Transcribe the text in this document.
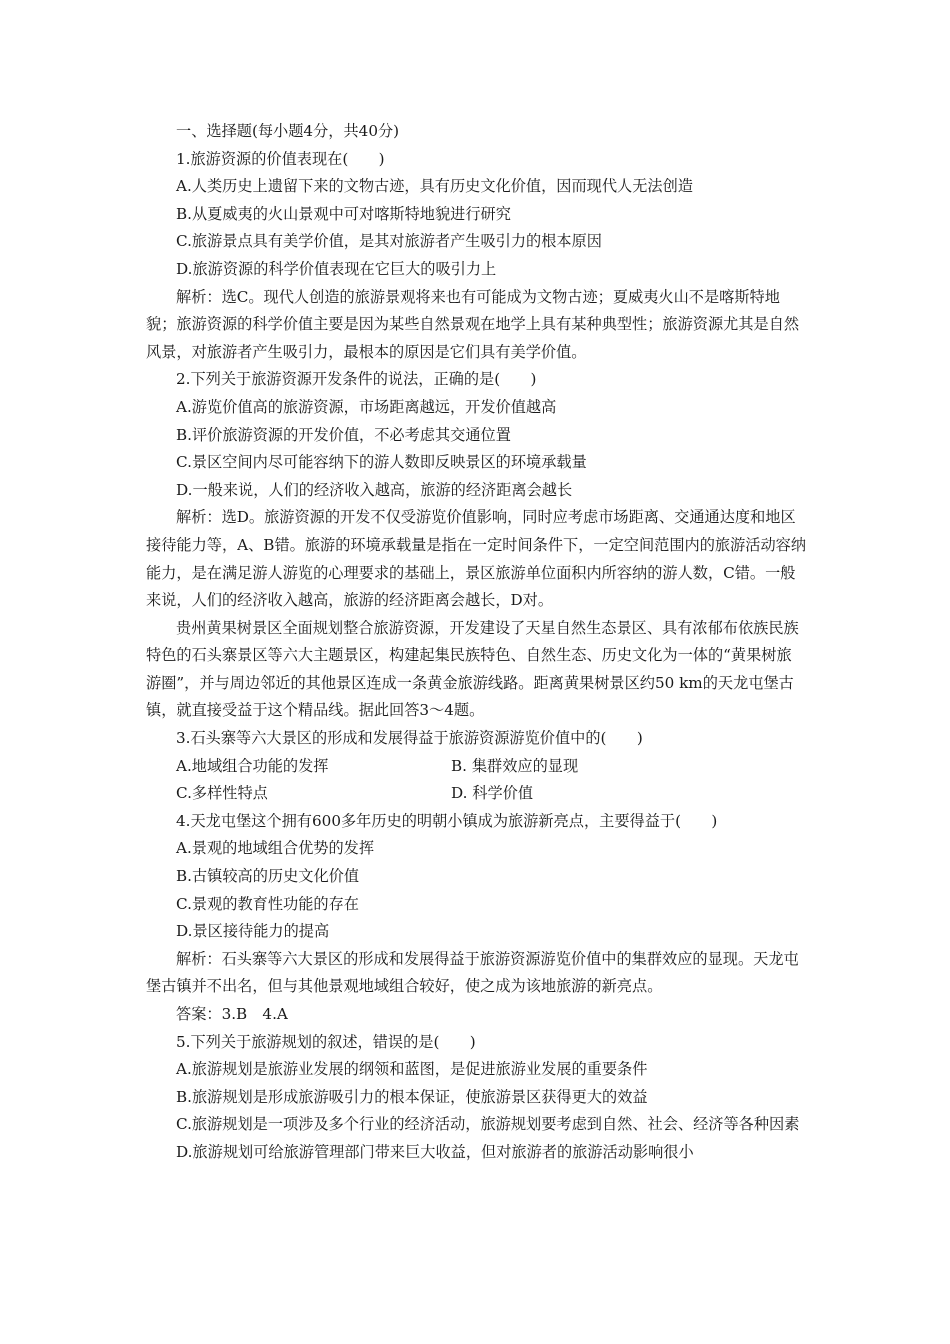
一、选择题(每小题4分，共40分)

1.旅游资源的价值表现在(　　)

A.人类历史上遗留下来的文物古迹，具有历史文化价值，因而现代人无法创造

B.从夏威夷的火山景观中可对喀斯特地貌进行研究

C.旅游景点具有美学价值，是其对旅游者产生吸引力的根本原因

D.旅游资源的科学价值表现在它巨大的吸引力上

解析：选C。现代人创造的旅游景观将来也有可能成为文物古迹；夏威夷火山不是喀斯特地貌；旅游资源的科学价值主要是因为某些自然景观在地学上具有某种典型性；旅游资源尤其是自然风景，对旅游者产生吸引力，最根本的原因是它们具有美学价值。

2.下列关于旅游资源开发条件的说法，正确的是(　　)

A.游览价值高的旅游资源，市场距离越远，开发价值越高

B.评价旅游资源的开发价值，不必考虑其交通位置

C.景区空间内尽可能容纳下的游人数即反映景区的环境承载量

D.一般来说，人们的经济收入越高，旅游的经济距离会越长

解析：选D。旅游资源的开发不仅受游览价值影响，同时应考虑市场距离、交通通达度和地区接待能力等，A、B错。旅游的环境承载量是指在一定时间条件下，一定空间范围内的旅游活动容纳能力，是在满足游人游览的心理要求的基础上，景区旅游单位面积内所容纳的游人数，C错。一般来说，人们的经济收入越高，旅游的经济距离会越长，D对。

贵州黄果树景区全面规划整合旅游资源，开发建设了天星自然生态景区、具有浓郁布依族民族特色的石头寨景区等六大主题景区，构建起集民族特色、自然生态、历史文化为一体的“黄果树旅游圈”，并与周边邻近的其他景区连成一条黄金旅游线路。距离黄果树景区约50 km的天龙屯堡古镇，就直接受益于这个精品线。据此回答3～4题。

3.石头寨等六大景区的形成和发展得益于旅游资源游览价值中的(　　)

A.地域组合功能的发挥	B. 集群效应的显现
C.多样性特点	D. 科学价值

4.天龙屯堡这个拥有600多年历史的明朝小镇成为旅游新亮点，主要得益于(　　)

A.景观的地域组合优势的发挥

B.古镇较高的历史文化价值

C.景观的教育性功能的存在

D.景区接待能力的提高

解析：石头寨等六大景区的形成和发展得益于旅游资源游览价值中的集群效应的显现。天龙屯堡古镇并不出名，但与其他景观地域组合较好，使之成为该地旅游的新亮点。

答案：3.B　4.A

5.下列关于旅游规划的叙述，错误的是(　　)

A.旅游规划是旅游业发展的纲领和蓝图，是促进旅游业发展的重要条件

B.旅游规划是形成旅游吸引力的根本保证，使旅游景区获得更大的效益

C.旅游规划是一项涉及多个行业的经济活动，旅游规划要考虑到自然、社会、经济等各种因素

D.旅游规划可给旅游管理部门带来巨大收益，但对旅游者的旅游活动影响很小
